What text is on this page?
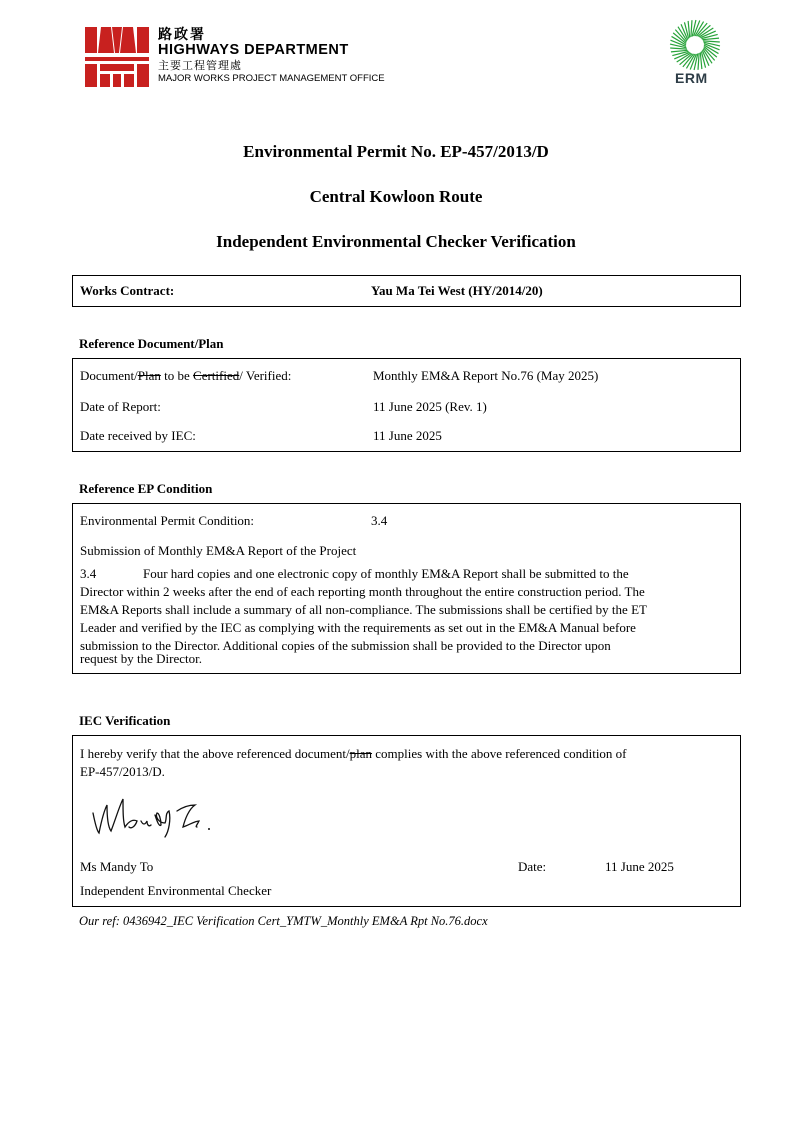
路政署
HIGHWAYS DEPARTMENT
主要工程管理處
MAJOR WORKS PROJECT MANAGEMENT OFFICE	ERM
Environmental Permit No. EP-457/2013/D
Central Kowloon Route
Independent Environmental Checker Verification
Works Contract:	Yau Ma Tei West (HY/2014/20)
Reference Document/Plan
Document/Plan to be Certified/ Verified:	Monthly EM&A Report No.76 (May 2025)
Date of Report:	11 June 2025 (Rev. 1)
Date received by IEC:	11 June 2025
Reference EP Condition
Environmental Permit Condition:	3.4
Submission of Monthly EM&A Report of the Project
3.4	Four hard copies and one electronic copy of monthly EM&A Report shall be submitted to the
Director within 2 weeks after the end of each reporting month throughout the entire construction period. The
EM&A Reports shall include a summary of all non-compliance. The submissions shall be certified by the ET
Leader and verified by the IEC as complying with the requirements as set out in the EM&A Manual before
submission to the Director. Additional copies of the submission shall be provided to the Director upon
request by the Director.
IEC Verification
I hereby verify that the above referenced document/plan complies with the above referenced condition of
EP-457/2013/D.
Ms Mandy To	Date:	11 June 2025
Independent Environmental Checker
Our ref: 0436942_IEC Verification Cert_YMTW_Monthly EM&A Rpt No.76.docx
